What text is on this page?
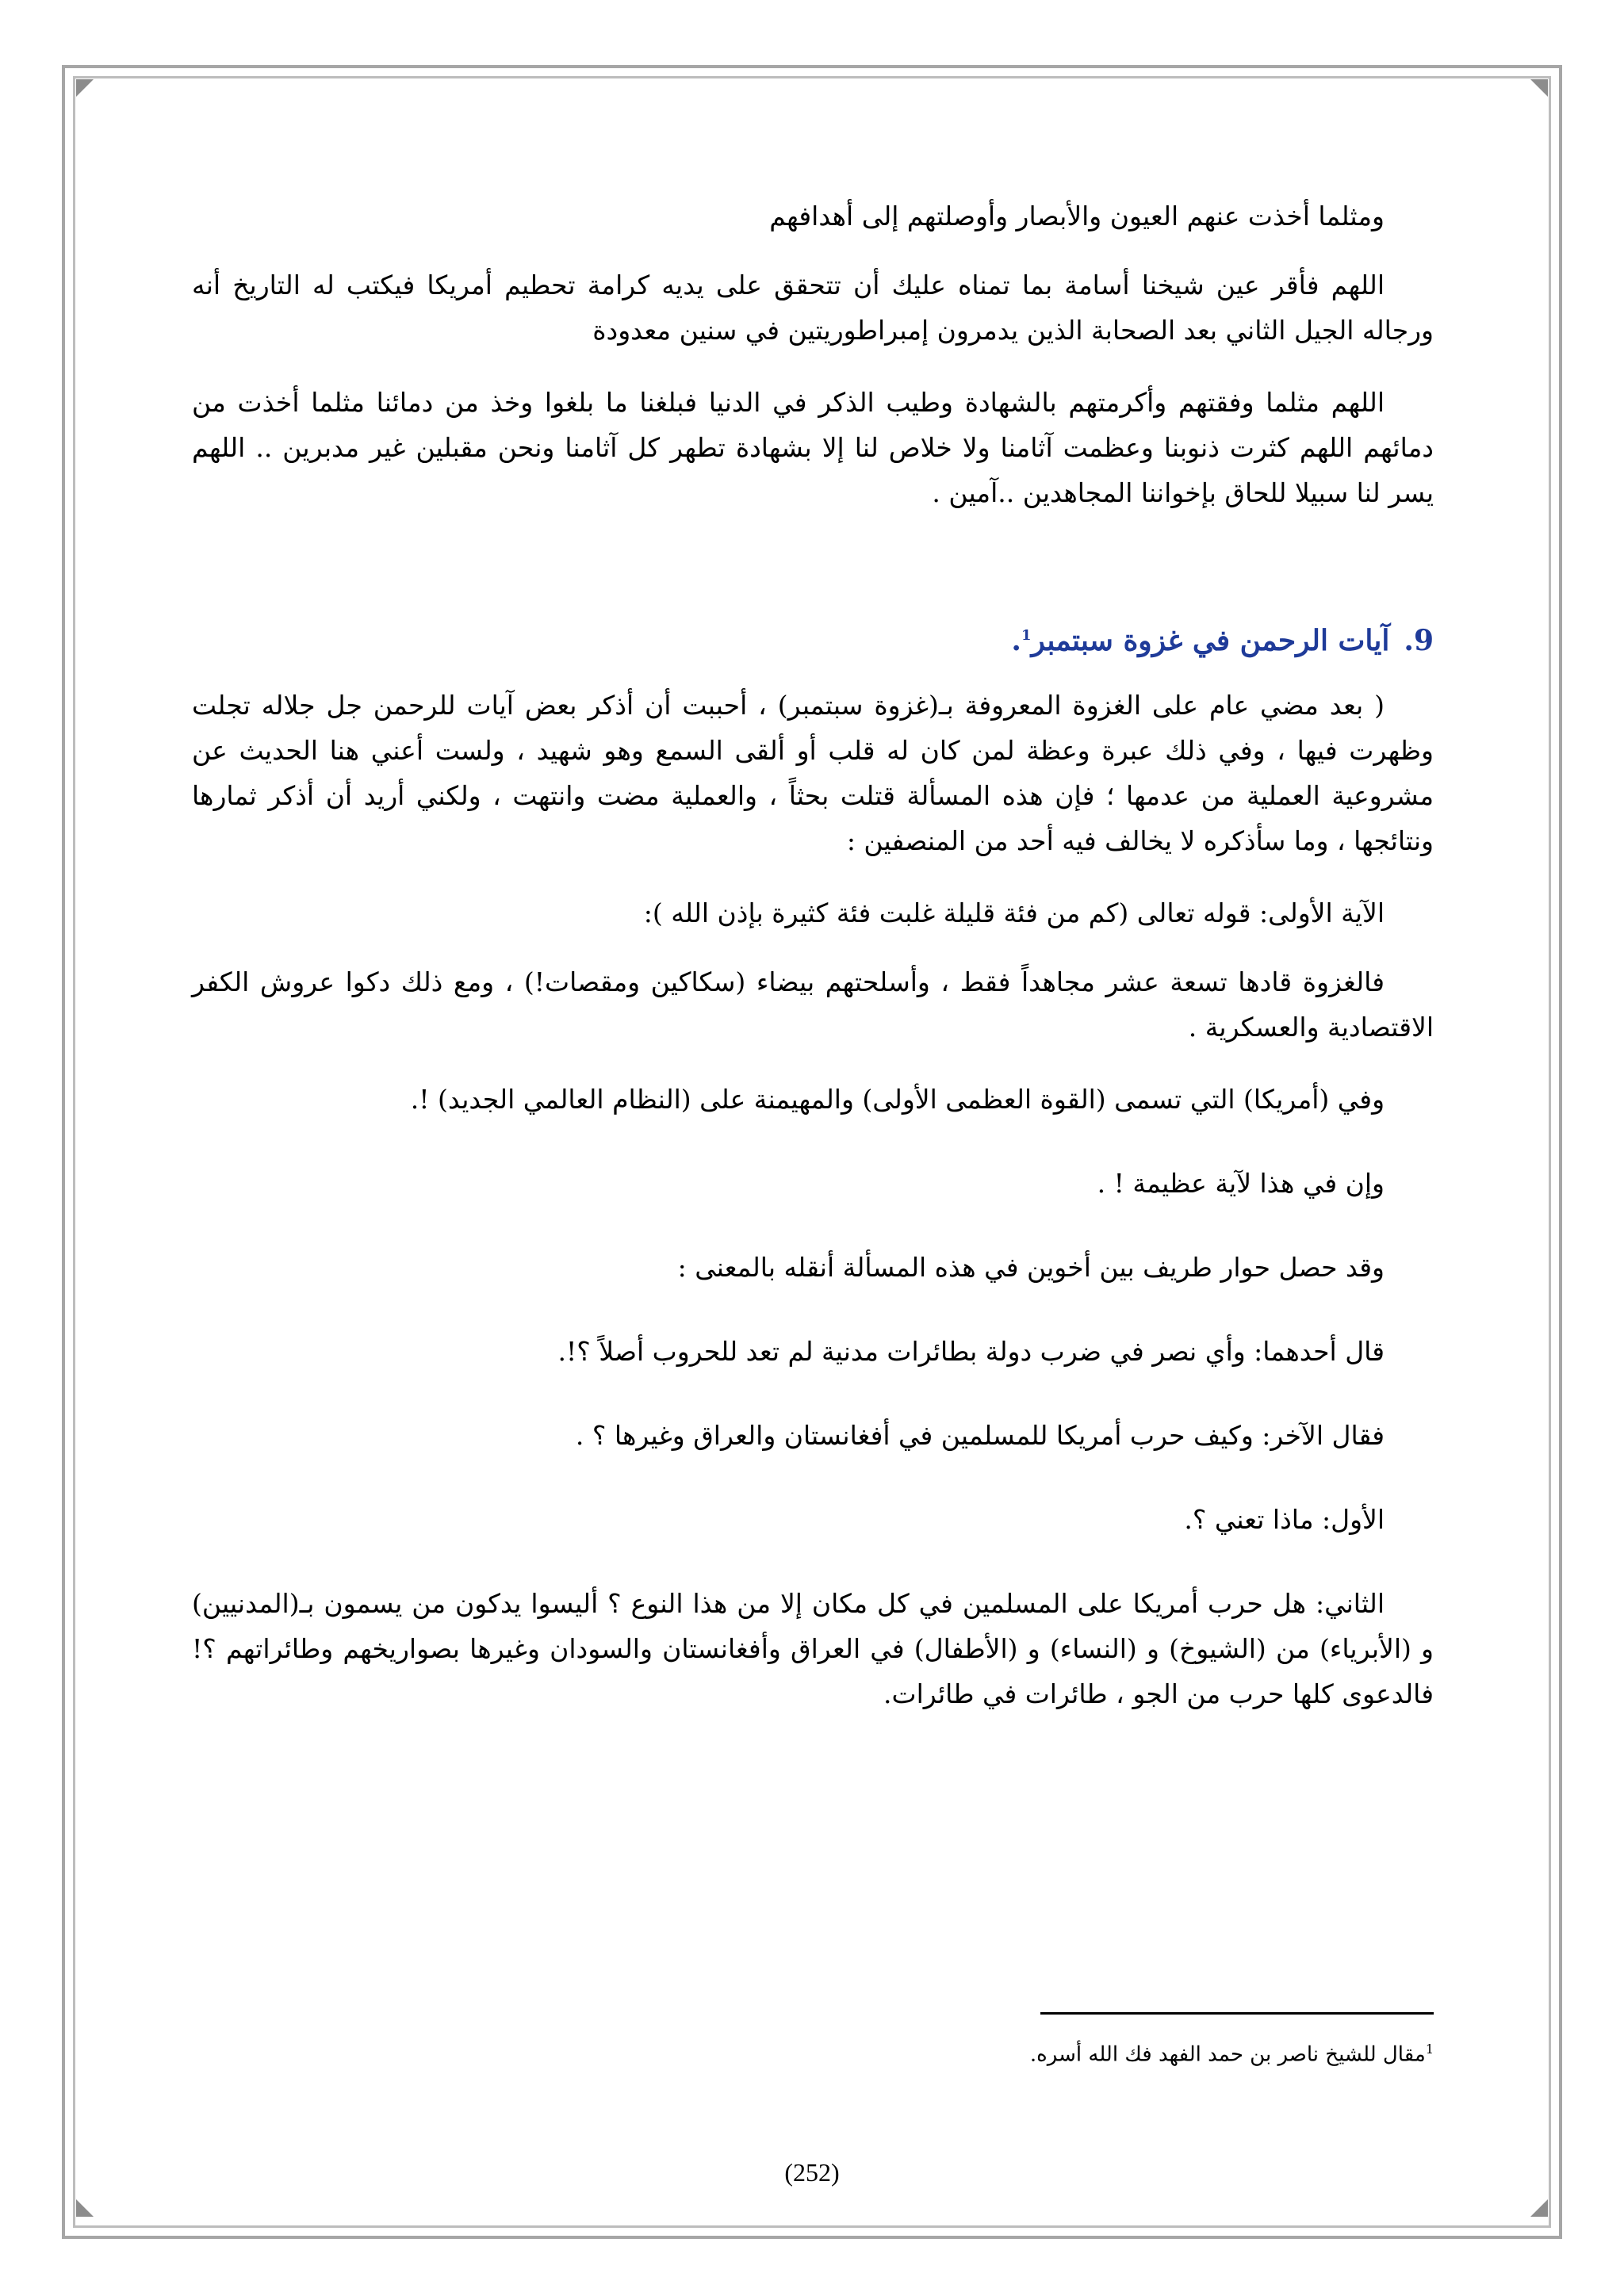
ومثلما أخذت عنهم العيون والأبصار وأوصلتهم إلى أهدافهم

اللهم فأقر عين شيخنا أسامة بما تمناه عليك أن تتحقق على يديه كرامة تحطيم أمريكا فيكتب له التاريخ أنه ورجاله الجيل الثاني بعد الصحابة الذين يدمرون إمبراطوريتين في سنين معدودة

اللهم مثلما وفقتهم وأكرمتهم بالشهادة وطيب الذكر في الدنيا فبلغنا ما بلغوا وخذ من دمائنا مثلما أخذت من دمائهم اللهم كثرت ذنوبنا وعظمت آثامنا ولا خلاص لنا إلا بشهادة تطهر كل آثامنا ونحن مقبلين غير مدبرين .. اللهم يسر لنا سبيلا للحاق بإخواننا المجاهدين ..آمين .

9.آيات الرحمن في غزوة سبتمبر$^1$.

( بعد مضي عام على الغزوة المعروفة بـ(غزوة سبتمبر) ، أحببت أن أذكر بعض آيات للرحمن جل جلاله تجلت وظهرت فيها ، وفي ذلك عبرة وعظة لمن كان له قلب أو ألقى السمع وهو شهيد ، ولست أعني هنا الحديث عن مشروعية العملية من عدمها ؛ فإن هذه المسألة قتلت بحثاً ، والعملية مضت وانتهت ، ولكني أريد أن أذكر ثمارها ونتائجها ، وما سأذكره لا يخالف فيه أحد من المنصفين :

الآية الأولى: قوله تعالى (كم من فئة قليلة غلبت فئة كثيرة بإذن الله ):

فالغزوة قادها تسعة عشر مجاهداً فقط ، وأسلحتهم بيضاء (سكاكين ومقصات!) ، ومع ذلك دكوا عروش الكفر الاقتصادية والعسكرية .

وفي (أمريكا) التي تسمى (القوة العظمى الأولى) والمهيمنة على (النظام العالمي الجديد) !.

وإن في هذا لآية عظيمة ! .

وقد حصل حوار طريف بين أخوين في هذه المسألة أنقله بالمعنى :

قال أحدهما: وأي نصر في ضرب دولة بطائرات مدنية لم تعد للحروب أصلاً ؟!.

فقال الآخر: وكيف حرب أمريكا للمسلمين في أفغانستان والعراق وغيرها ؟ .

الأول: ماذا تعني ؟.

الثاني: هل حرب أمريكا على المسلمين في كل مكان إلا من هذا النوع ؟ أليسوا يدكون من يسمون بـ(المدنيين) و (الأبرياء) من (الشيوخ) و (النساء) و (الأطفال) في العراق وأفغانستان والسودان وغيرها بصواريخهم وطائراتهم ؟! فالدعوى كلها حرب من الجو ، طائرات في طائرات.

$^1$مقال للشيخ ناصر بن حمد الفهد فك الله أسره.
(252)
